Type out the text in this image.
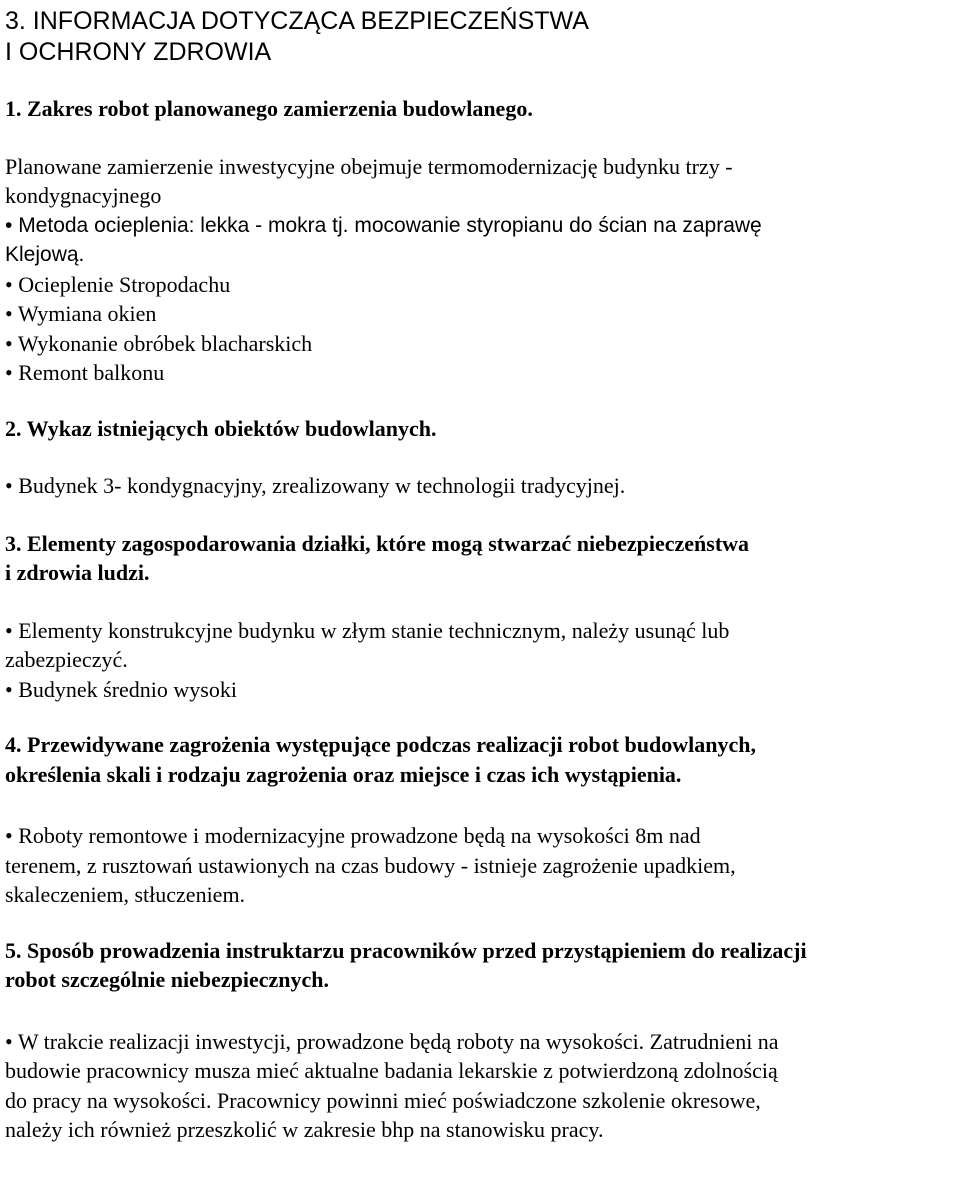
3. INFORMACJA DOTYCZĄCA BEZPIECZEŃSTWA
I OCHRONY ZDROWIA
1. Zakres robot planowanego zamierzenia budowlanego.

Planowane zamierzenie inwestycyjne obejmuje termomodernizację budynku trzy -
kondygnacyjnego

• Metoda ocieplenia: lekka - mokra tj. mocowanie styropianu do ścian na zaprawę
Klejową.

• Ocieplenie Stropodachu

• Wymiana okien

• Wykonanie obróbek blacharskich

• Remont balkonu

2. Wykaz istniejących obiektów budowlanych.

• Budynek 3- kondygnacyjny, zrealizowany w technologii tradycyjnej.

3. Elementy zagospodarowania działki, które mogą stwarzać niebezpieczeństwa
i zdrowia ludzi.

• Elementy konstrukcyjne budynku w złym stanie technicznym, należy usunąć lub
zabezpieczyć.

• Budynek średnio wysoki

4. Przewidywane zagrożenia występujące podczas realizacji robot budowlanych,
określenia skali i rodzaju zagrożenia oraz miejsce i czas ich wystąpienia.

• Roboty remontowe i modernizacyjne prowadzone będą na wysokości 8m nad
terenem, z rusztowań ustawionych na czas budowy - istnieje zagrożenie upadkiem,
skaleczeniem, stłuczeniem.

5. Sposób prowadzenia instruktarzu pracowników przed przystąpieniem do realizacji
robot szczególnie niebezpiecznych.

• W trakcie realizacji inwestycji, prowadzone będą roboty na wysokości. Zatrudnieni na
budowie pracownicy musza mieć aktualne badania lekarskie z potwierdzoną zdolnością
do pracy na wysokości. Pracownicy powinni mieć poświadczone szkolenie okresowe,
należy ich również przeszkolić w zakresie bhp na stanowisku pracy.
